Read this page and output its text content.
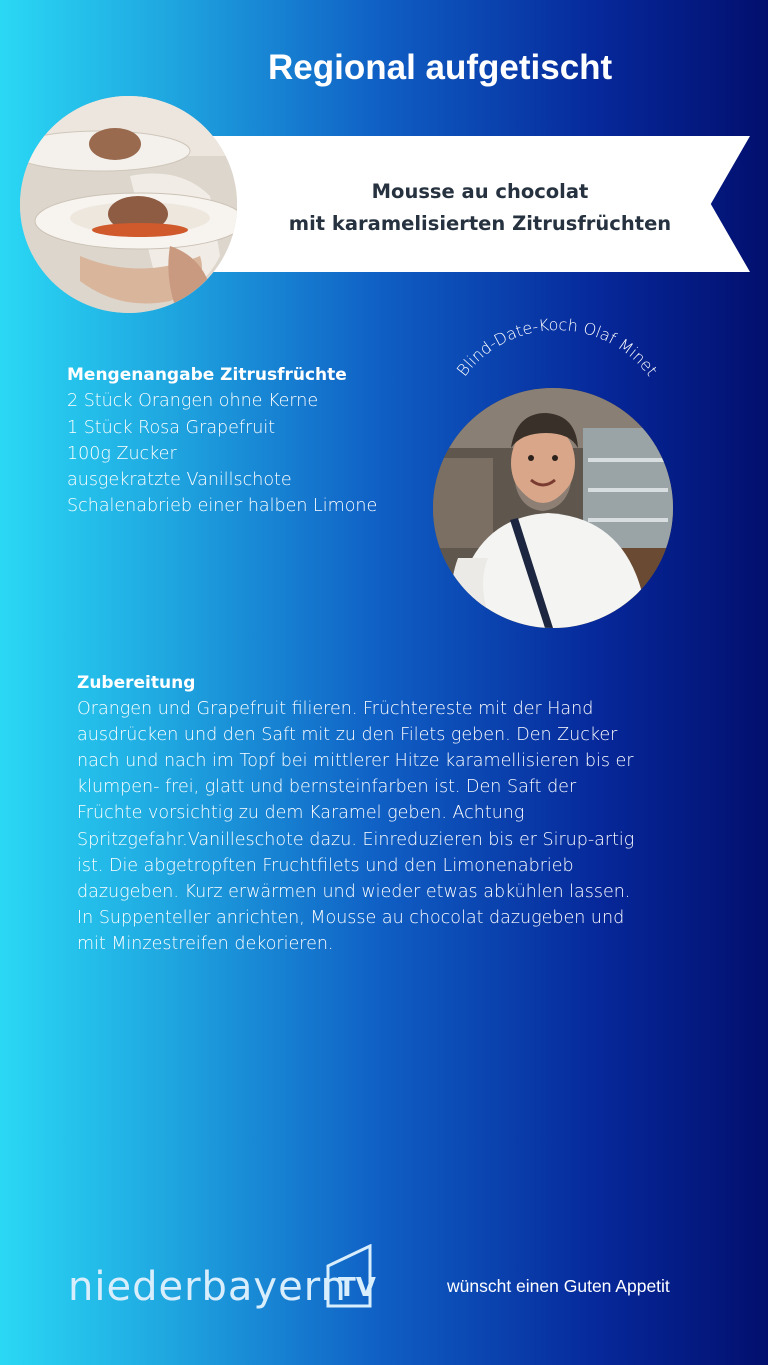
Regional aufgetischt
Mousse au chocolat
mit karamelisierten Zitrusfrüchten
Blind-Date-Koch Olaf Minet
Mengenangabe Zitrusfrüchte
2 Stück Orangen ohne Kerne
1 Stück Rosa Grapefruit
100g Zucker
ausgekratzte Vanillschote
Schalenabrieb einer halben Limone
Zubereitung
Orangen und Grapefruit filieren. Früchtereste mit der Hand
ausdrücken und den Saft mit zu den Filets geben. Den Zucker
nach und nach im Topf bei mittlerer Hitze karamellisieren bis er
klumpen- frei, glatt und bernsteinfarben ist. Den Saft der
Früchte vorsichtig zu dem Karamel geben. Achtung
Spritzgefahr.Vanilleschote dazu. Einreduzieren bis er Sirup-artig
ist. Die abgetropften Fruchtfilets und den Limonenabrieb
dazugeben. Kurz erwärmen und wieder etwas abkühlen lassen.
In Suppenteller anrichten, Mousse au chocolat dazugeben und
mit Minzestreifen dekorieren.
niederbayern
TV	wünscht einen Guten Appetit
